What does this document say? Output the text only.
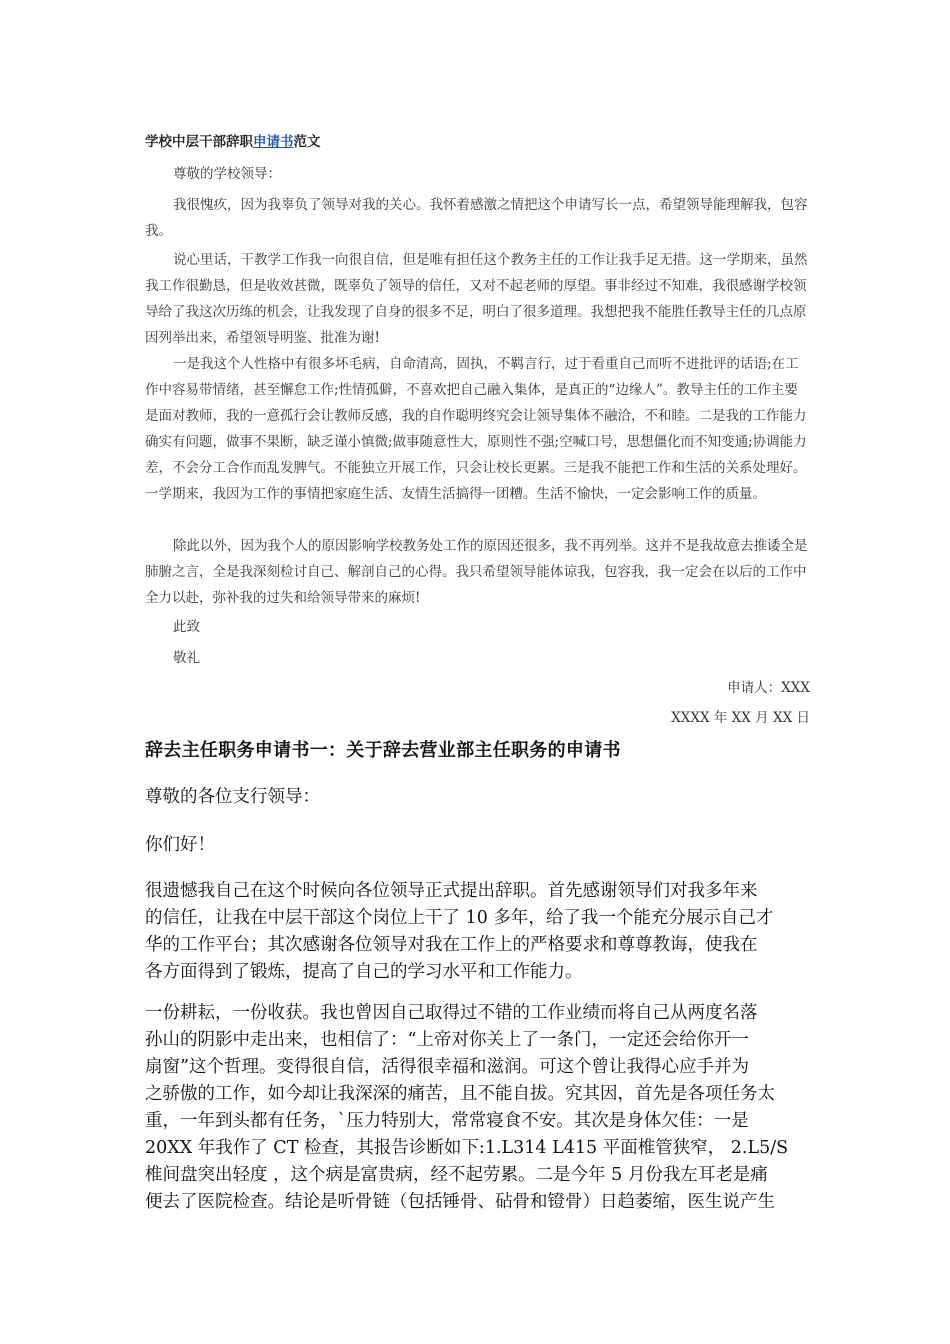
学校中层干部辞职申请书范文

尊敬的学校领导：

我很愧疚，因为我辜负了领导对我的关心。我怀着感激之情把这个申请写长一点，希望领导能理解我，包容我。

说心里话，干教学工作我一向很自信，但是唯有担任这个教务主任的工作让我手足无措。这一学期来，虽然我工作很勤恳，但是收效甚微，既辜负了领导的信任，又对不起老师的厚望。事非经过不知难，我很感谢学校领导给了我这次历练的机会，让我发现了自身的很多不足，明白了很多道理。我想把我不能胜任教导主任的几点原因列举出来，希望领导明鉴、批准为谢!

一是我这个人性格中有很多坏毛病，自命清高，固执，不羁言行，过于看重自己而听不进批评的话语;在工作中容易带情绪，甚至懈怠工作;性情孤僻，不喜欢把自己融入集体，是真正的“边缘人”。教导主任的工作主要是面对教师，我的一意孤行会让教师反感，我的自作聪明终究会让领导集体不融洽，不和睦。二是我的工作能力确实有问题，做事不果断，缺乏谨小慎微;做事随意性大，原则性不强;空喊口号，思想僵化而不知变通;协调能力差，不会分工合作而乱发脾气。不能独立开展工作，只会让校长更累。三是我不能把工作和生活的关系处理好。一学期来，我因为工作的事情把家庭生活、友情生活搞得一团糟。生活不愉快，一定会影响工作的质量。

除此以外，因为我个人的原因影响学校教务处工作的原因还很多，我不再列举。这并不是我故意去推诿全是肺腑之言，全是我深刻检讨自己、解剖自己的心得。我只希望领导能体谅我，包容我，我一定会在以后的工作中全力以赴，弥补我的过失和给领导带来的麻烦!

此致

敬礼

申请人：XXX

XXXX 年 XX 月 XX 日

辞去主任职务申请书一：关于辞去营业部主任职务的申请书

尊敬的各位支行领导：

你们好！

很遗憾我自己在这个时候向各位领导正式提出辞职。首先感谢领导们对我多年来

的信任，让我在中层干部这个岗位上干了 10 多年，给了我一个能充分展示自己才

华的工作平台；其次感谢各位领导对我在工作上的严格要求和尊尊教诲，使我在

各方面得到了锻炼，提高了自己的学习水平和工作能力。

一份耕耘，一份收获。我也曾因自己取得过不错的工作业绩而将自己从两度名落

孙山的阴影中走出来，也相信了：“上帝对你关上了一条门，一定还会给你开一

扇窗”这个哲理。变得很自信，活得很幸福和滋润。可这个曾让我得心应手并为

之骄傲的工作，如今却让我深深的痛苦，且不能自拔。究其因，首先是各项任务太

重，一年到头都有任务，`压力特别大，常常寝食不安。其次是身体欠佳：一是

20XX 年我作了 CT 检查，其报告诊断如下:1.L314 L415 平面椎管狭窄， 2.L5/S

椎间盘突出轻度 ，这个病是富贵病，经不起劳累。二是今年 5 月份我左耳老是痛

便去了医院检查。结论是听骨链（包括锤骨、砧骨和镫骨）日趋萎缩，医生说产生
